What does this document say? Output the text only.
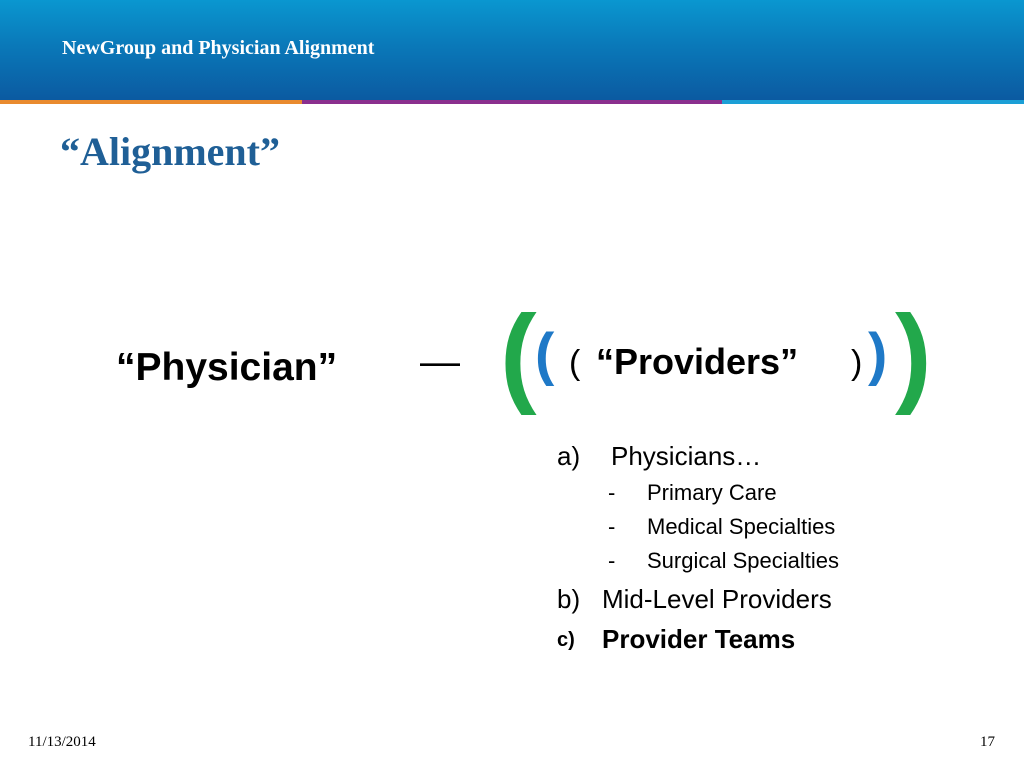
NewGroup and Physician Alignment
“Alignment”
“Physician” — (
( ( “Providers” ) ) )
a) Physicians…
- Primary Care
- Medical Specialties
- Surgical Specialties
b) Mid-Level Providers
c) Provider Teams
11/13/2014	17
